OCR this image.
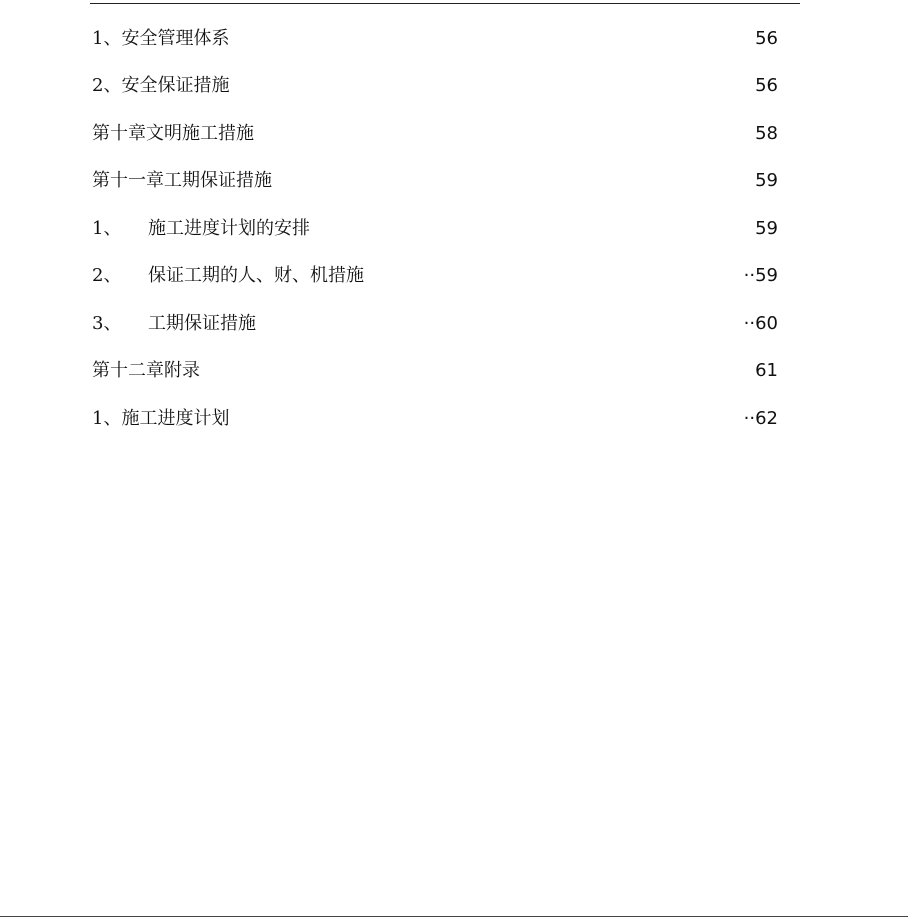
1、 安全管理体系	56
2、 安全保证措施	56
第十章文明施工措施	58
第十一章工期保证措施	59
1、	施工进度计划的安排	59
2、	保证工期的人、财、机措施	··59
3、	工期保证措施	··60
第十二章附录	61
1、 施工进度计划	··62
